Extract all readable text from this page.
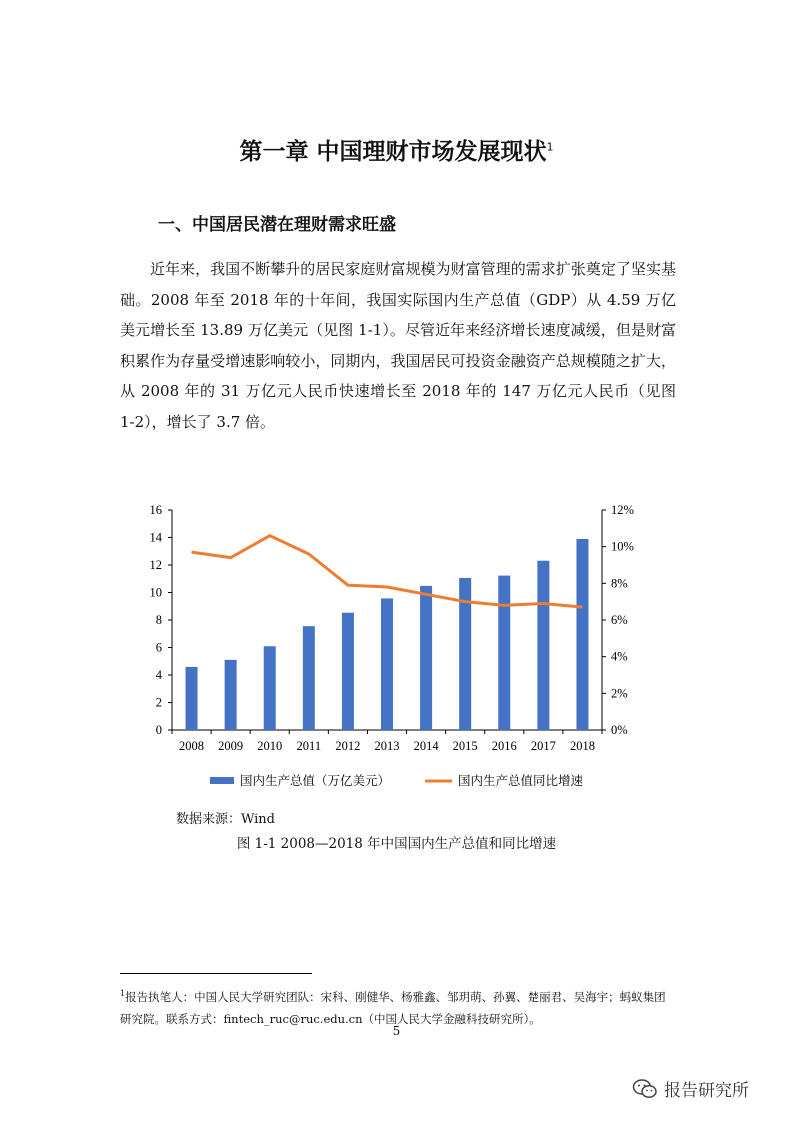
第一章 中国理财市场发展现状$^1$
一、中国居民潜在理财需求旺盛
近年来，我国不断攀升的居民家庭财富规模为财富管理的需求扩张奠定了坚实基础。2008 年至 2018 年的十年间，我国实际国内生产总值（GDP）从 4.59 万亿美元增长至 13.89 万亿美元（见图 1-1）。尽管近年来经济增长速度减缓，但是财富积累作为存量受增速影响较小，同期内，我国居民可投资金融资产总规模随之扩大，从 2008 年的 31 万亿元人民币快速增长至 2018 年的 147 万亿元人民币（见图 1-2），增长了 3.7 倍。
0
2
4
6
8
10
12
14
16
0%
2%
4%
6%
8%
10%
12%
2008 2009 2010 2011 2012 2013 2014 2015 2016 2017 2018
国内生产总值（万亿美元）	国内生产总值同比增速
数据来源：Wind
图 1-1 2008—2018 年中国国内生产总值和同比增速
$^1$报告执笔人：中国人民大学研究团队：宋科、刚健华、杨雅鑫、邹玥萌、孙翼、楚丽君、吴海宇；蚂蚁集团研究院。联系方式：fintech_ruc@ruc.edu.cn（中国人民大学金融科技研究所）。
5
报告研究所
